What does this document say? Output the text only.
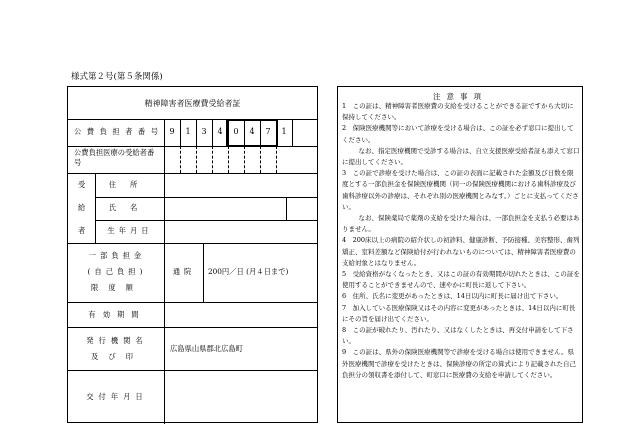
様式第２号(第５条関係)
精神障害者医療費受給者証
公 費 負 担 者 番 号	9	1	3	4	0	4	7	1
公費負担医療の受給者番号
受
給
者
住所
氏名
生年月日
一部負担金
(自己負担)
限度額
通院	200円／日 (月４日まで)
有効期間
発行機関名
及び印
広島県山県郡北広島町
交付年月日
注意事項
1　 この証は、精神障害者医療費の支給を受けることができる証ですから大切に保持してください。
2　 保険医療機関等において診療を受ける場合は、この証を必ず窓口に提出してください。
　なお、指定医療機関で受診する場合は、自立支援医療受給者証も添えて窓口に提出してください。
3　 この証で診療を受けた場合は、この証の表面に記載された金額及び日数を限度とする一部負担金を保険医療機関（同一の保険医療機関における歯科診療及び歯科診療以外の診療は、それぞれ別の医療機関とみなす。）ごとに支払ってください。
　なお、保険薬局で薬剤の支給を受けた場合は、一部負担金を支払う必要はありません。
4　 200床以上の病院の紹介状しの初診料、健康診断、予防接種、美容整形、歯列矯正、室料差額など保険給付が行われないものについては、精神障害者医療費の支給対象とはなりません。
5　 受給資格がなくなったとき、又はこの証の有効期間が切れたときは、この証を使用することができませんので、速やかに町長に返して下さい。
6　 住所、氏名に変更があったときは、14日以内に町長に届け出て下さい。
7　 加入している医療保険又はその内容に変更があったときは、14日以内に町長にその旨を届け出てください。
8　 この証が破れたり、汚れたり、又はなくしたときは、再交付申請をして下さい。
9　 この証は、県外の保険医療機関等で診療を受ける場合は使用できません。県外医療機関で診療を受けたときは、保険診療の所定の算式により記載された自己負担分の領収書を添付して、町窓口に医療費の支給を申請してください。
